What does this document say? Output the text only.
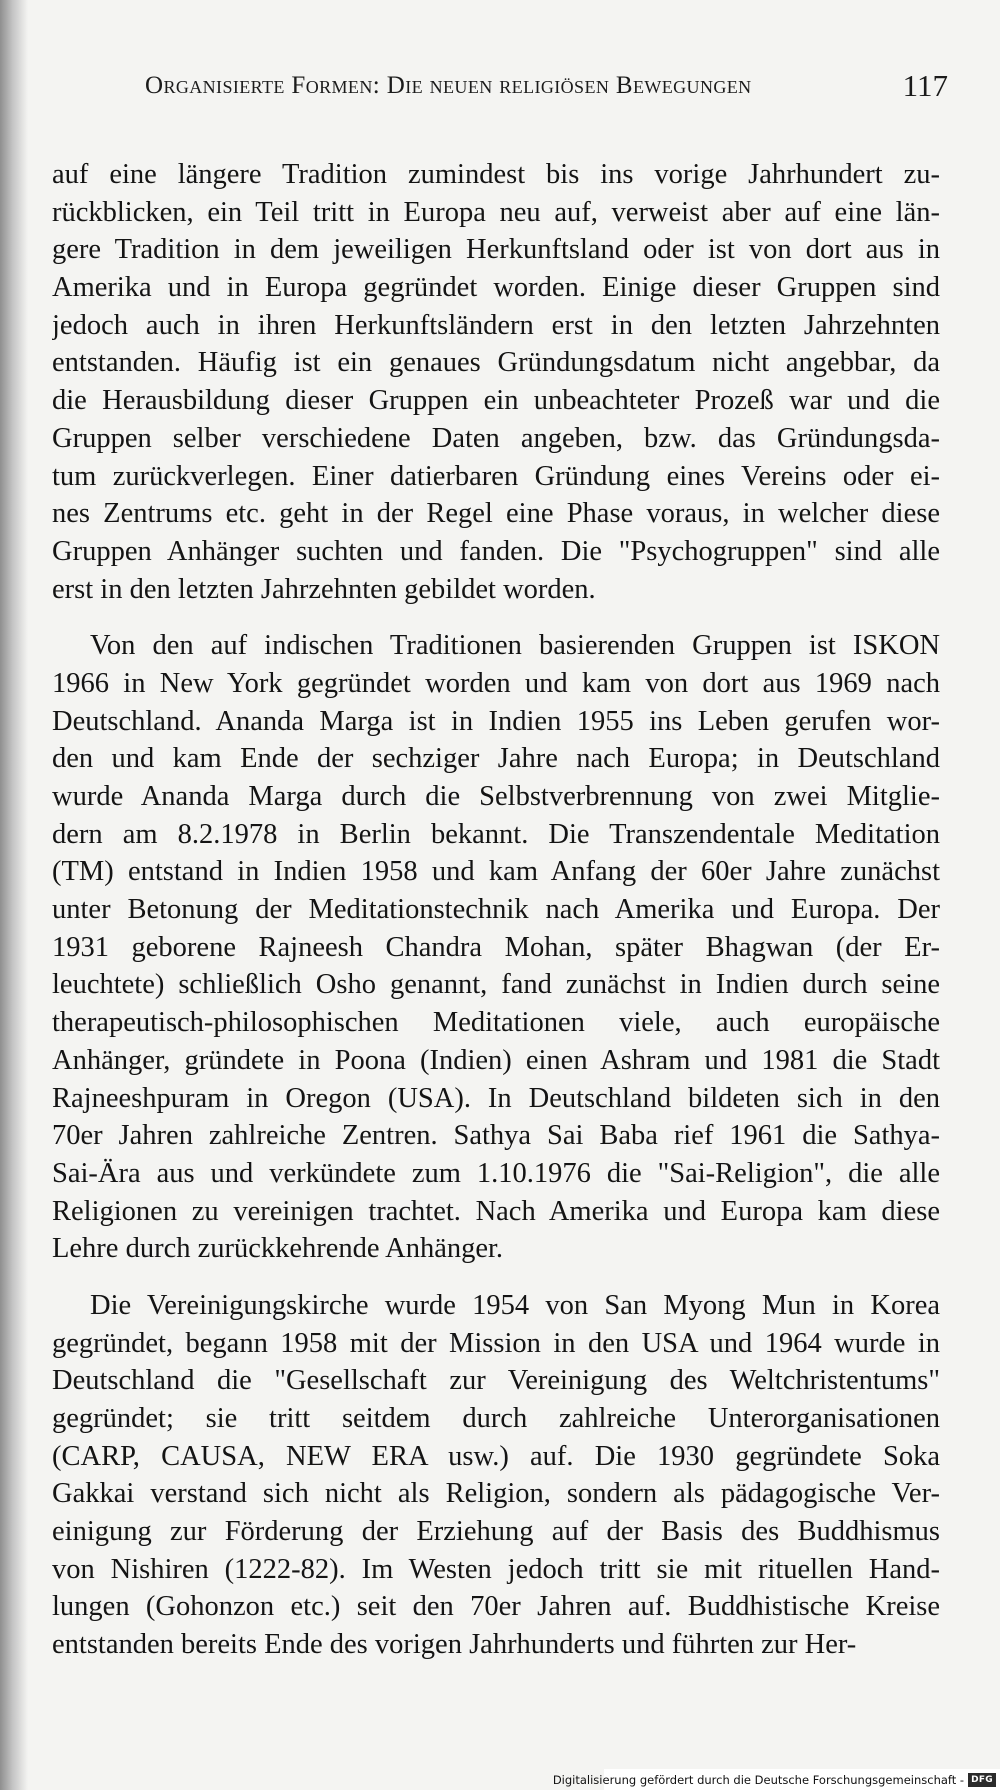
Organisierte Formen: Die neuen religiösen Bewegungen	117
auf eine längere Tradition zumindest bis ins vorige Jahrhundert zu-
rückblicken, ein Teil tritt in Europa neu auf, verweist aber auf eine län-
gere Tradition in dem jeweiligen Herkunftsland oder ist von dort aus in
Amerika und in Europa gegründet worden. Einige dieser Gruppen sind
jedoch auch in ihren Herkunftsländern erst in den letzten Jahrzehnten
entstanden. Häufig ist ein genaues Gründungsdatum nicht angebbar, da
die Herausbildung dieser Gruppen ein unbeachteter Prozeß war und die
Gruppen selber verschiedene Daten angeben, bzw. das Gründungsda-
tum zurückverlegen. Einer datierbaren Gründung eines Vereins oder ei-
nes Zentrums etc. geht in der Regel eine Phase voraus, in welcher diese
Gruppen Anhänger suchten und fanden. Die "Psychogruppen" sind alle
erst in den letzten Jahrzehnten gebildet worden.
Von den auf indischen Traditionen basierenden Gruppen ist ISKON
1966 in New York gegründet worden und kam von dort aus 1969 nach
Deutschland. Ananda Marga ist in Indien 1955 ins Leben gerufen wor-
den und kam Ende der sechziger Jahre nach Europa; in Deutschland
wurde Ananda Marga durch die Selbstverbrennung von zwei Mitglie-
dern am 8.2.1978 in Berlin bekannt. Die Transzendentale Meditation
(TM) entstand in Indien 1958 und kam Anfang der 60er Jahre zunächst
unter Betonung der Meditationstechnik nach Amerika und Europa. Der
1931 geborene Rajneesh Chandra Mohan, später Bhagwan (der Er-
leuchtete) schließlich Osho genannt, fand zunächst in Indien durch seine
therapeutisch-philosophischen Meditationen viele, auch europäische
Anhänger, gründete in Poona (Indien) einen Ashram und 1981 die Stadt
Rajneeshpuram in Oregon (USA). In Deutschland bildeten sich in den
70er Jahren zahlreiche Zentren. Sathya Sai Baba rief 1961 die Sathya-
Sai-Ära aus und verkündete zum 1.10.1976 die "Sai-Religion", die alle
Religionen zu vereinigen trachtet. Nach Amerika und Europa kam diese
Lehre durch zurückkehrende Anhänger.
Die Vereinigungskirche wurde 1954 von San Myong Mun in Korea
gegründet, begann 1958 mit der Mission in den USA und 1964 wurde in
Deutschland die "Gesellschaft zur Vereinigung des Weltchristentums"
gegründet; sie tritt seitdem durch zahlreiche Unterorganisationen
(CARP, CAUSA, NEW ERA usw.) auf. Die 1930 gegründete Soka
Gakkai verstand sich nicht als Religion, sondern als pädagogische Ver-
einigung zur Förderung der Erziehung auf der Basis des Buddhismus
von Nishiren (1222-82). Im Westen jedoch tritt sie mit rituellen Hand-
lungen (Gohonzon etc.) seit den 70er Jahren auf. Buddhistische Kreise
entstanden bereits Ende des vorigen Jahrhunderts und führten zur Her-
Digitalisierung gefördert durch die Deutsche Forschungsgemeinschaft - DFG
